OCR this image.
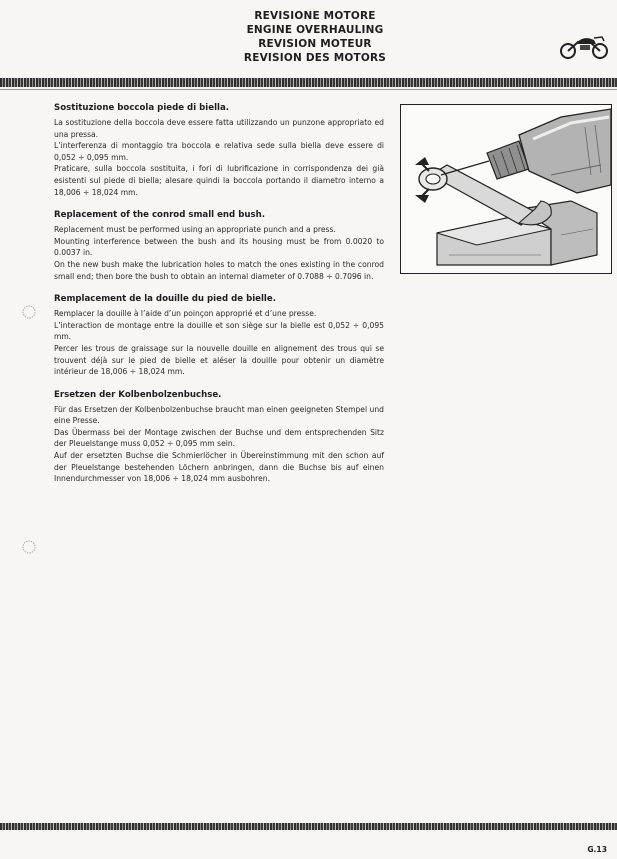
REVISIONE MOTORE
ENGINE OVERHAULING
REVISION MOTEUR
REVISION DES MOTORS
Sostituzione boccola piede di biella.

La sostituzione della boccola deve essere fatta utilizzando un punzone appropriato ed una pressa.

L’interferenza di montaggio tra boccola e relativa sede sulla biella deve essere di 0,052 ÷ 0,095 mm.

Praticare, sulla boccola sostituita, i fori di lubrificazione in corrispondenza dei già esistenti sul piede di biella; alesare quindi la boccola portando il diametro interno a 18,006 ÷ 18,024 mm.

Replacement of the conrod small end bush.

Replacement must be performed using an appropriate punch and a press.

Mounting interference between the bush and its housing must be from 0.0020 to 0.0037 in.

On the new bush make the lubrication holes to match the ones existing in the conrod small end; then bore the bush to obtain an internal diameter of 0.7088 ÷ 0.7096 in.

Remplacement de la douille du pied de bielle.

Remplacer la douille à l’aide d’un poinçon approprié et d’une presse.

L’interaction de montage entre la douille et son siège sur la bielle est 0,052 ÷ 0,095 mm.

Percer les trous de graissage sur la nouvelle douille en alignement des trous qui se trouvent déjà sur le pied de bielle et aléser la douille pour obtenir un diamètre intérieur de 18,006 ÷ 18,024 mm.

Ersetzen der Kolbenbolzenbuchse.

Für das Ersetzen der Kolbenbolzenbuchse braucht man einen geeigneten Stempel und eine Presse.

Das Übermass bei der Montage zwischen der Buchse und dem entsprechenden Sitz der Pleuelstange muss 0,052 ÷ 0,095 mm sein.

Auf der ersetzten Buchse die Schmierlöcher in Übereinstimmung mit den schon auf der Pleuelstange bestehenden Löchern anbringen, dann die Buchse bis auf einen Innendurchmesser von 18,006 ÷ 18,024 mm ausbohren.

G.13
